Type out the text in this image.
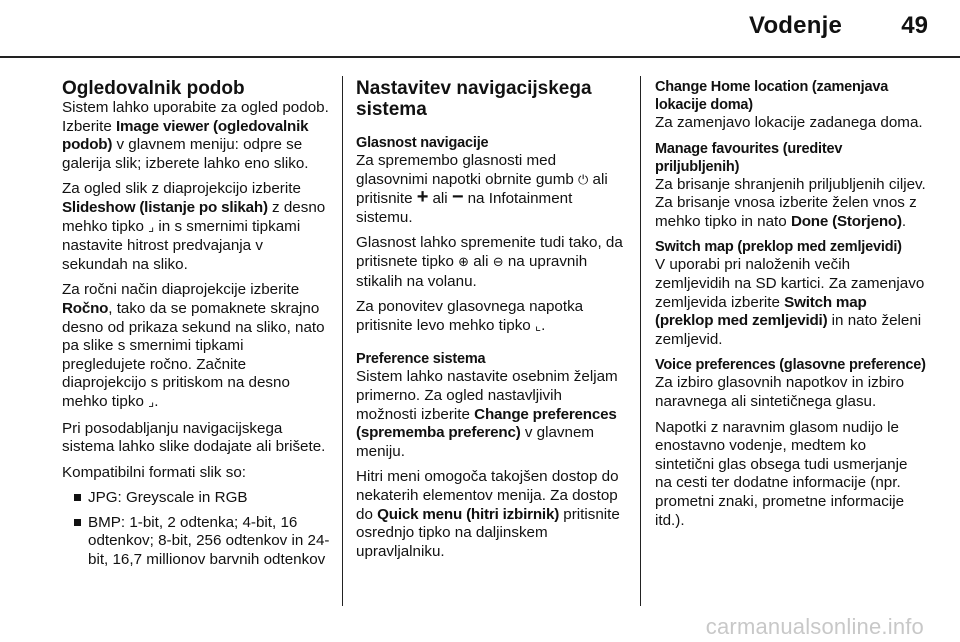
Vodenje 49
Ogledovalnik podob

Sistem lahko uporabite za ogled podob. Izberite Image viewer (ogledovalnik podob) v glavnem meniju: odpre se galerija slik; izberete lahko eno sliko.

Za ogled slik z diaprojekcijo izberite Slideshow (listanje po slikah) z desno mehko tipko ⌟ in s smernimi tipkami nastavite hitrost predvajanja v sekundah na sliko.

Za ročni način diaprojekcije izberite Ročno, tako da se pomaknete skrajno desno od prikaza sekund na sliko, nato pa slike s smernimi tipkami pregledujete ročno. Začnite diaprojekcijo s pritiskom na desno mehko tipko ⌟.

Pri posodabljanju navigacijskega sistema lahko slike dodajate ali brišete.

Kompatibilni formati slik so:

JPG: Greyscale in RGB
BMP: 1-bit, 2 odtenka; 4-bit, 16 odtenkov; 8-bit, 256 odtenkov in 24-bit, 16,7 millionov barvnih odtenkov
Nastavitev navigacijskega sistema
Glasnost navigacije

Za spremembo glasnosti med glasovnimi napotki obrnite gumb ⏻ ali pritisnite + ali − na Infotainment sistemu.

Glasnost lahko spremenite tudi tako, da pritisnete tipko ⊕ ali ⊖ na upravnih stikalih na volanu.

Za ponovitev glasovnega napotka pritisnite levo mehko tipko ⌞.

Preference sistema

Sistem lahko nastavite osebnim željam primerno. Za ogled nastavljivih možnosti izberite Change preferences (sprememba preferenc) v glavnem meniju.

Hitri meni omogoča takojšen dostop do nekaterih elementov menija. Za dostop do Quick menu (hitri izbirnik) pritisnite osrednjo tipko na daljinskem upravljalniku.

Change Home location (zamenjava lokacije doma)

Za zamenjavo lokacije zadanega doma.

Manage favourites (ureditev priljubljenih)

Za brisanje shranjenih priljubljenih ciljev. Za brisanje vnosa izberite želen vnos z mehko tipko in nato Done (Storjeno).

Switch map (preklop med zemljevidi)

V uporabi pri naloženih večih zemljevidih na SD kartici. Za zamenjavo zemljevida izberite Switch map (preklop med zemljevidi) in nato želeni zemljevid.

Voice preferences (glasovne preference)

Za izbiro glasovnih napotkov in izbiro naravnega ali sintetičnega glasu.

Napotki z naravnim glasom nudijo le enostavno vodenje, medtem ko sintetični glas obsega tudi usmerjanje na cesti ter dodatne informacije (npr. prometni znaki, prometne informacije itd.).

carmanualsonline.info
